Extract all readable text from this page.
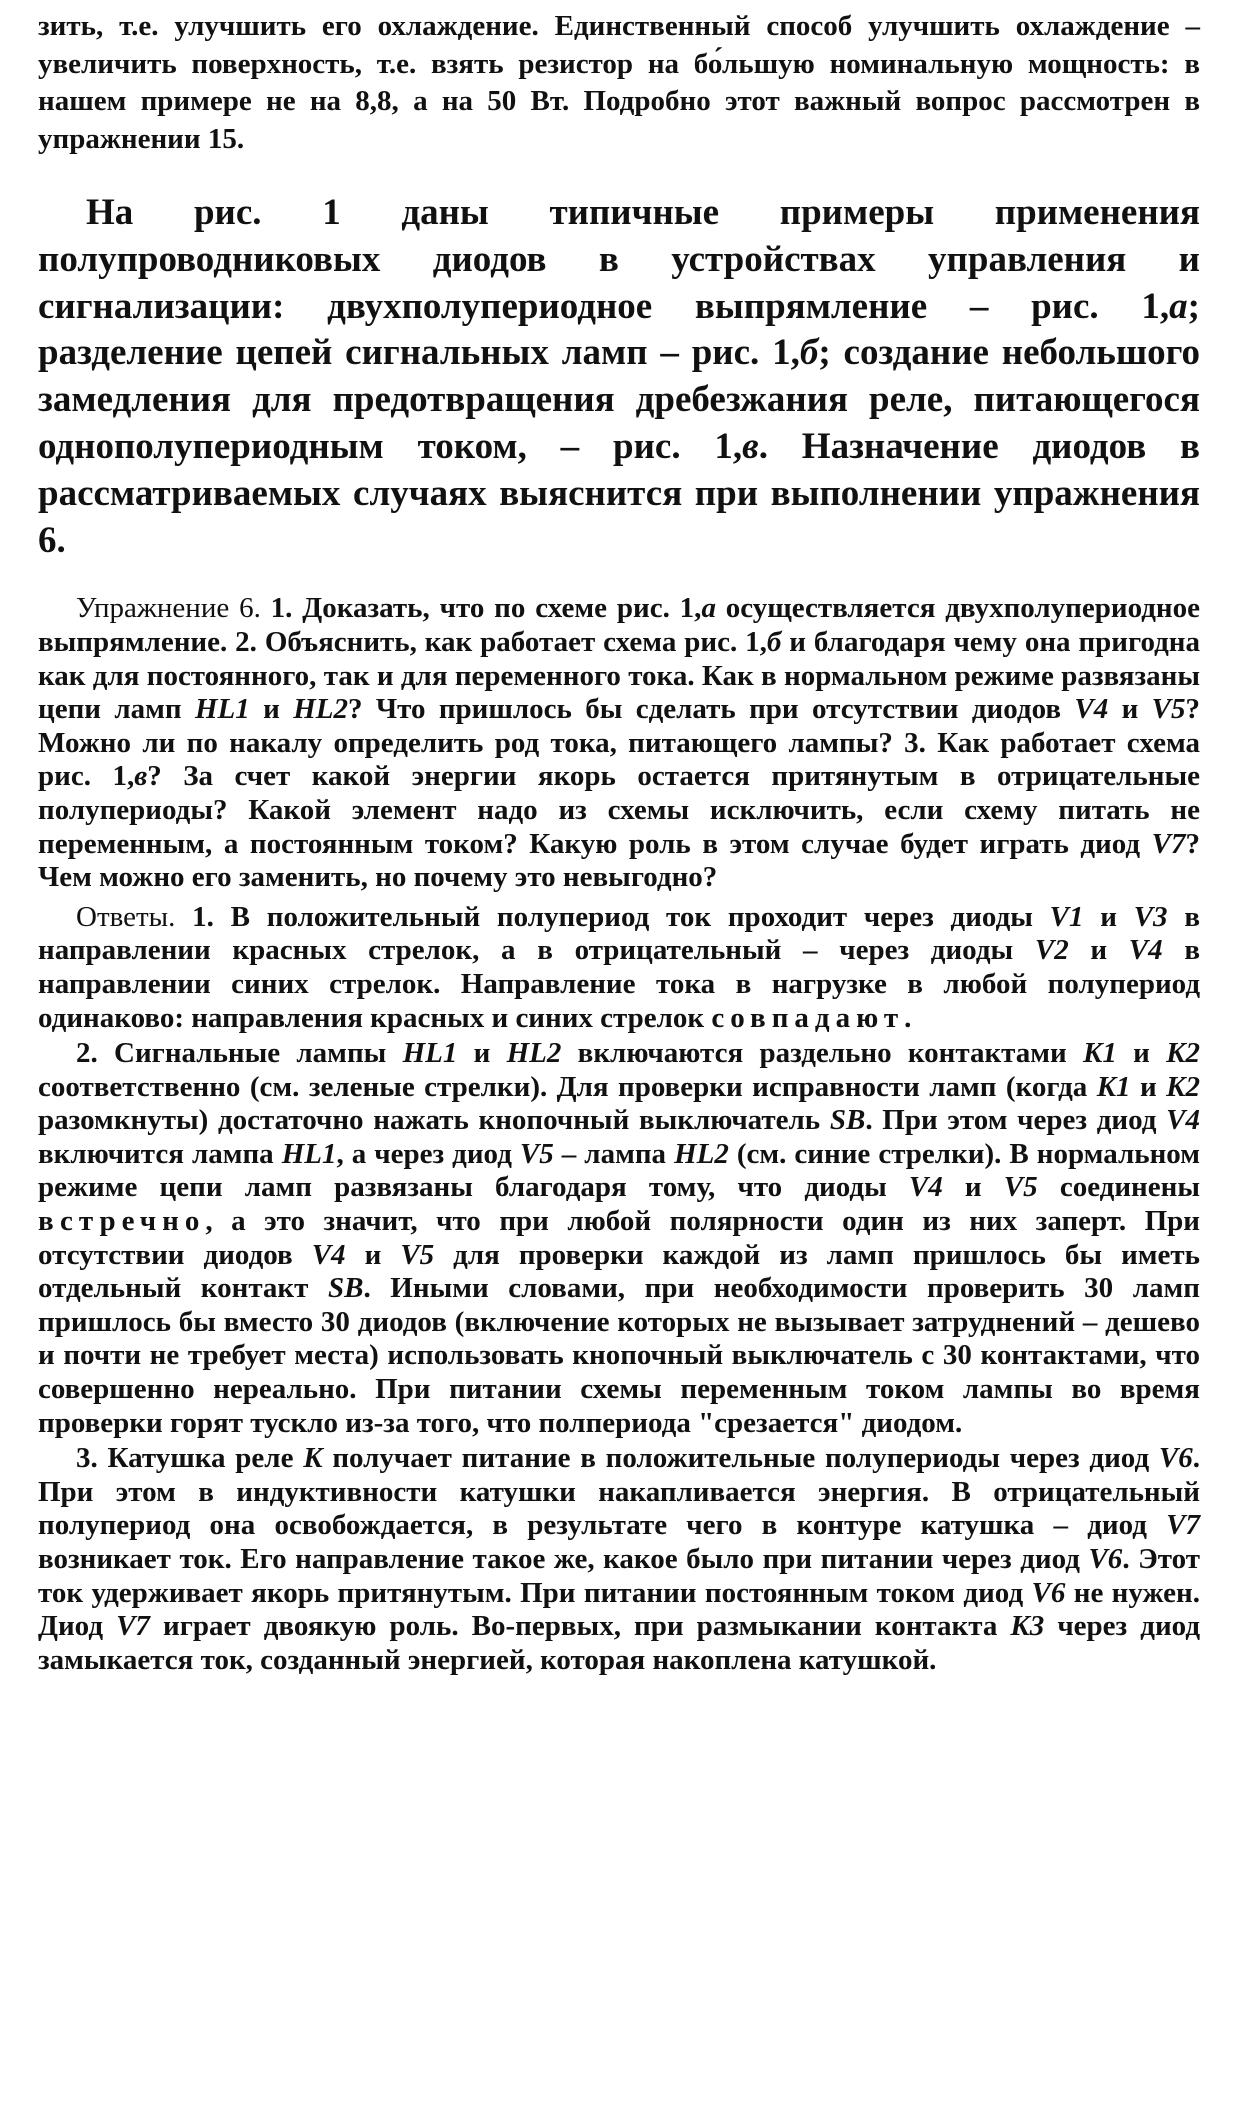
зить, т.е. улучшить его охлаждение. Единственный способ улучшить охлаждение – увеличить поверхность, т.е. взять резистор на бо́льшую номинальную мощность: в нашем примере не на 8,8, а на 50 Вт. Подробно этот важный вопрос рассмотрен в упражнении 15.

На рис. 1 даны типичные примеры применения полупроводниковых диодов в устройствах управления и сигнализации: двухполупериодное выпрямление – рис. 1,а; разделение цепей сигнальных ламп – рис. 1,б; создание небольшого замедления для предотвращения дребезжания реле, питающегося однополупериодным током, – рис. 1,в. Назначение диодов в рассматриваемых случаях выяснится при выполнении упражнения 6.

Упражнение 6. 1. Доказать, что по схеме рис. 1,а осуществляется двухполупериодное выпрямление. 2. Объяснить, как работает схема рис. 1,б и благодаря чему она пригодна как для постоянного, так и для переменного тока. Как в нормальном режиме развязаны цепи ламп HL1 и HL2? Что пришлось бы сделать при отсутствии диодов V4 и V5? Можно ли по накалу определить род тока, питающего лампы? 3. Как работает схема рис. 1,в? За счет какой энергии якорь остается притянутым в отрицательные полупериоды? Какой элемент надо из схемы исключить, если схему питать не переменным, а постоянным током? Какую роль в этом случае будет играть диод V7? Чем можно его заменить, но почему это невыгодно?

Ответы. 1. В положительный полупериод ток проходит через диоды V1 и V3 в направлении красных стрелок, а в отрицательный – через диоды V2 и V4 в направлении синих стрелок. Направление тока в нагрузке в любой полупериод одинаково: направления красных и синих стрелок совпадают.

2. Сигнальные лампы HL1 и HL2 включаются раздельно контактами K1 и K2 соответственно (см. зеленые стрелки). Для проверки исправности ламп (когда K1 и K2 разомкнуты) достаточно нажать кнопочный выключатель SB. При этом через диод V4 включится лампа HL1, а через диод V5 – лампа HL2 (см. синие стрелки). В нормальном режиме цепи ламп развязаны благодаря тому, что диоды V4 и V5 соединены встречно, а это значит, что при любой полярности один из них заперт. При отсутствии диодов V4 и V5 для проверки каждой из ламп пришлось бы иметь отдельный контакт SB. Иными словами, при необходимости проверить 30 ламп пришлось бы вместо 30 диодов (включение которых не вызывает затруднений – дешево и почти не требует места) использовать кнопочный выключатель с 30 контактами, что совершенно нереально. При питании схемы переменным током лампы во время проверки горят тускло из-за того, что полпериода "срезается" диодом.

3. Катушка реле K получает питание в положительные полупериоды через диод V6. При этом в индуктивности катушки накапливается энергия. В отрицательный полупериод она освобождается, в результате чего в контуре катушка – диод V7 возникает ток. Его направление такое же, какое было при питании через диод V6. Этот ток удерживает якорь притянутым. При питании постоянным током диод V6 не нужен. Диод V7 играет двоякую роль. Во-первых, при размыкании контакта K3 через диод замыкается ток, созданный энергией, которая накоплена катушкой.
